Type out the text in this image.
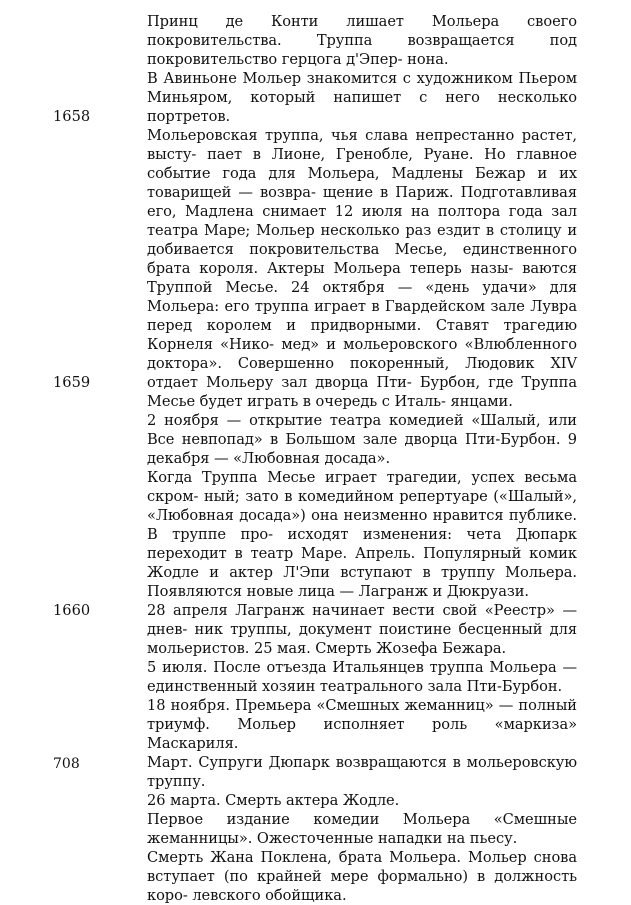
1658
1659
1660

Принц де Конти лишает Мольера своего покровительства. Труппа возвращается под покровительство герцога д'Эпер- нона.

В Авиньоне Мольер знакомится с художником Пьером Миньяром, который напишет с него несколько портретов.

Мольеровская труппа, чья слава непрестанно растет, высту- пает в Лионе, Гренобле, Руане. Но главное событие года для Мольера, Мадлены Бежар и их товарищей — возвра- щение в Париж. Подготавливая его, Мадлена снимает 12 июля на полтора года зал театра Маре; Мольер несколько раз ездит в столицу и добивается покровительства Месье, единственного брата короля. Актеры Мольера теперь назы- ваются Труппой Месье. 24 октября — «день удачи» для Мольера: его труппа играет в Гвардейском зале Лувра перед королем и придворными. Ставят трагедию Корнеля «Нико- мед» и мольеровского «Влюбленного доктора». Совершенно покоренный, Людовик XIV отдает Мольеру зал дворца Пти- Бурбон, где Труппа Месье будет играть в очередь с Италь- янцами.

2 ноября — открытие театра комедией «Шалый, или Все невпопад» в Большом зале дворца Пти-Бурбон. 9 декабря — «Любовная досада».

Когда Труппа Месье играет трагедии, успех весьма скром- ный; зато в комедийном репертуаре («Шалый», «Любовная досада») она неизменно нравится публике. В труппе про- исходят изменения: чета Дюпарк переходит в театр Маре. Апрель. Популярный комик Жодле и актер Л'Эпи вступают в труппу Мольера. Появляются новые лица — Лагранж и Дюкруази.

28 апреля Лагранж начинает вести свой «Реестр» — днев- ник труппы, документ поистине бесценный для мольеристов. 25 мая. Смерть Жозефа Бежара.

5 июля. После отъезда Итальянцев труппа Мольера — единственный хозяин театрального зала Пти-Бурбон.

18 ноября. Премьера «Смешных жеманниц» — полный триумф. Мольер исполняет роль «маркиза» Маскариля.

Март. Супруги Дюпарк возвращаются в мольеровскую труппу.

26 марта. Смерть актера Жодле.

Первое издание комедии Мольера «Смешные жеманницы». Ожесточенные нападки на пьесу.

Смерть Жана Поклена, брата Мольера. Мольер снова вступает (по крайней мере формально) в должность коро- левского обойщика.

708
